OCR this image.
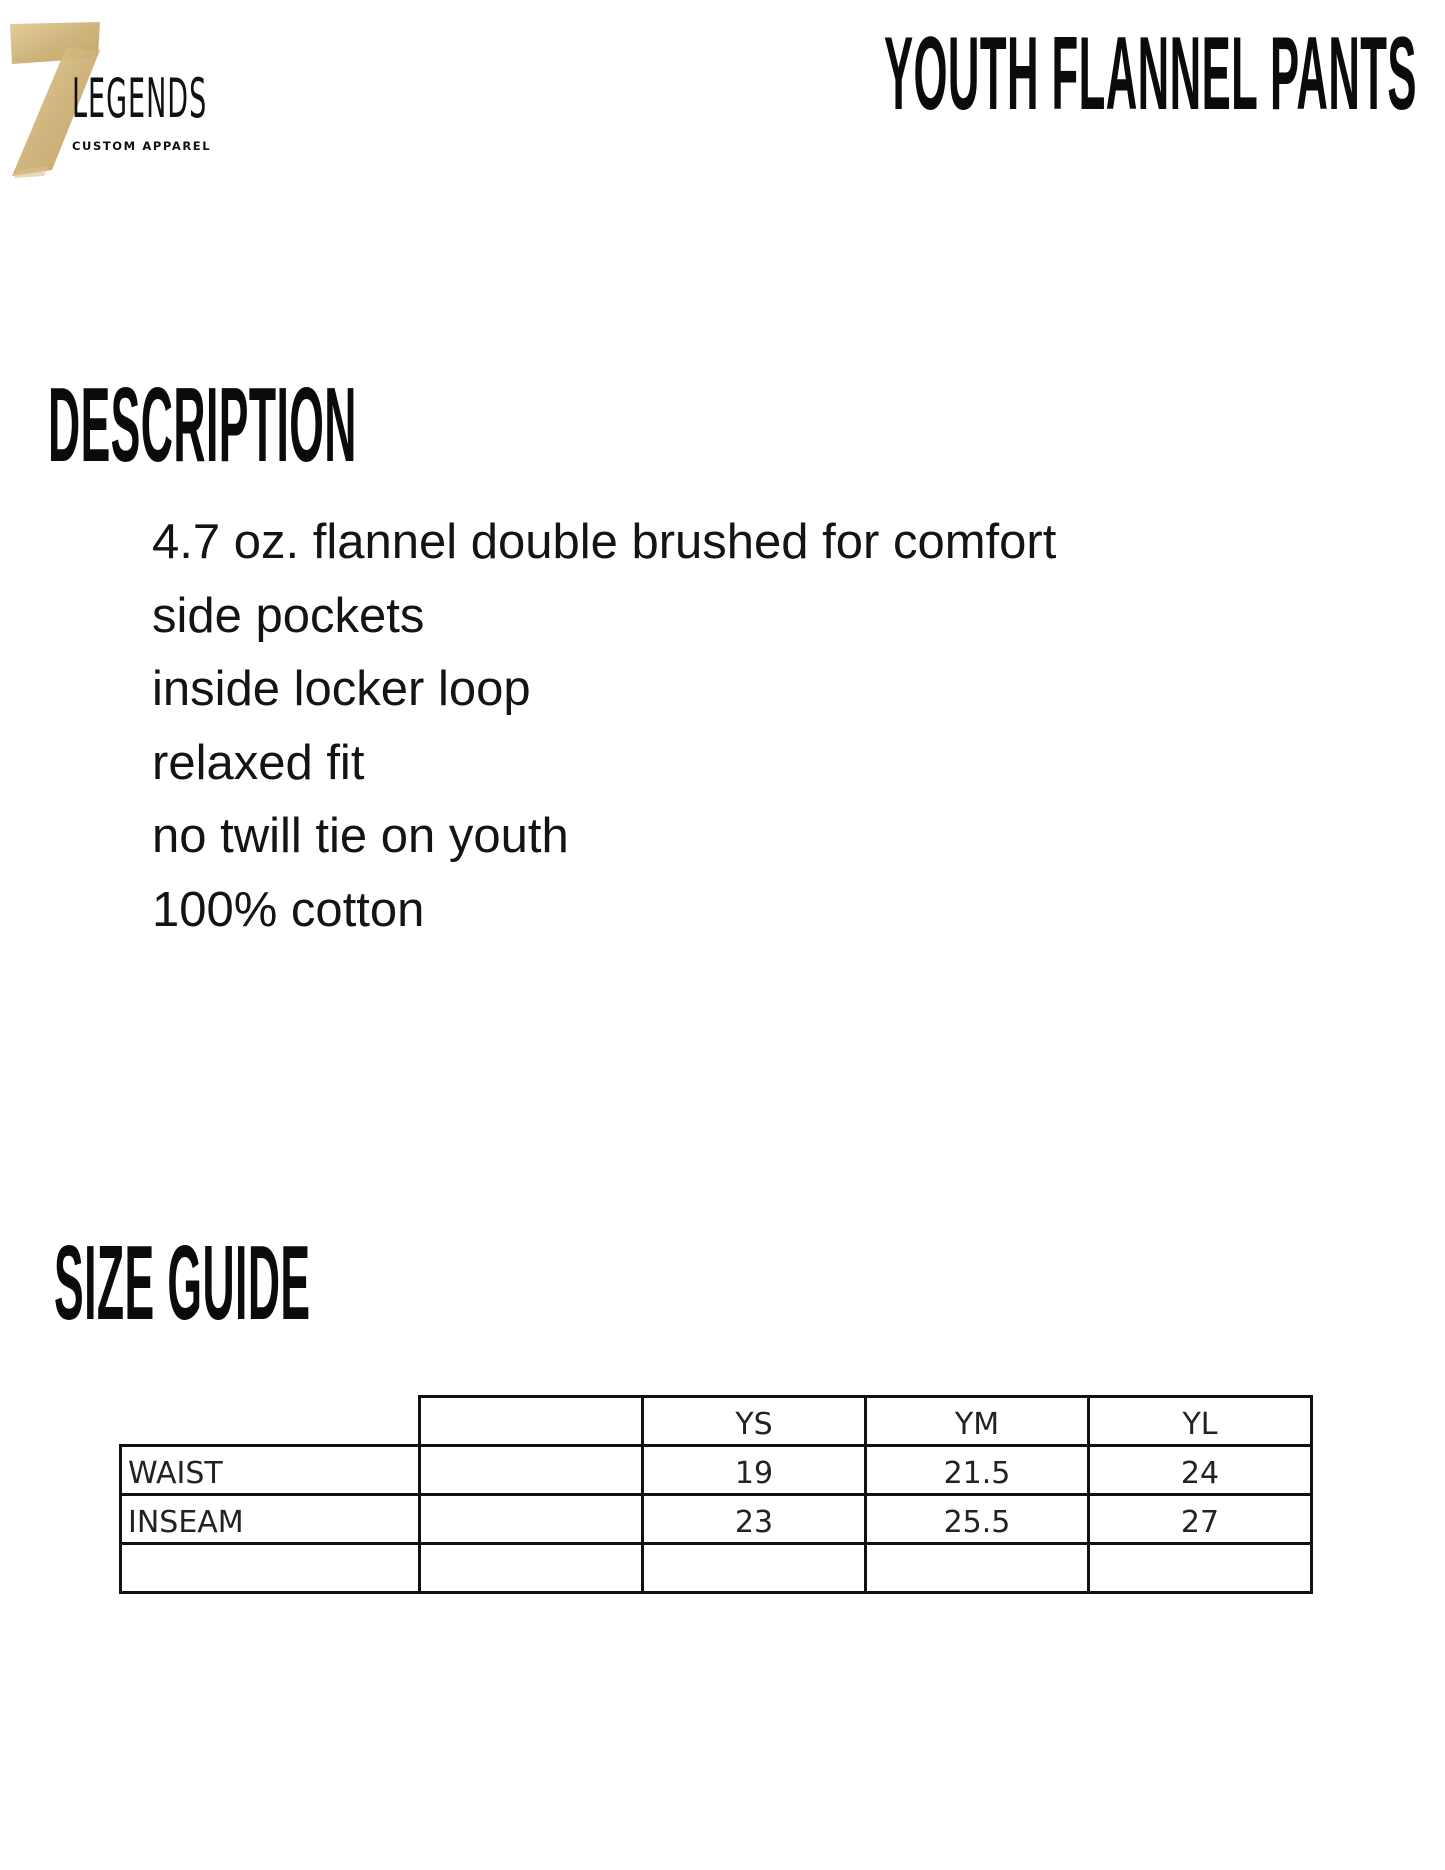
LEGENDS
CUSTOM APPAREL
YOUTH FLANNEL PANTS
DESCRIPTION
4.7 oz. flannel double brushed for comfort
side pockets
inside locker loop
relaxed fit
no twill tie on youth
100% cotton
SIZE GUIDE
		YS	YM	YL
WAIST		19	21.5	24
INSEAM		23	25.5	27
